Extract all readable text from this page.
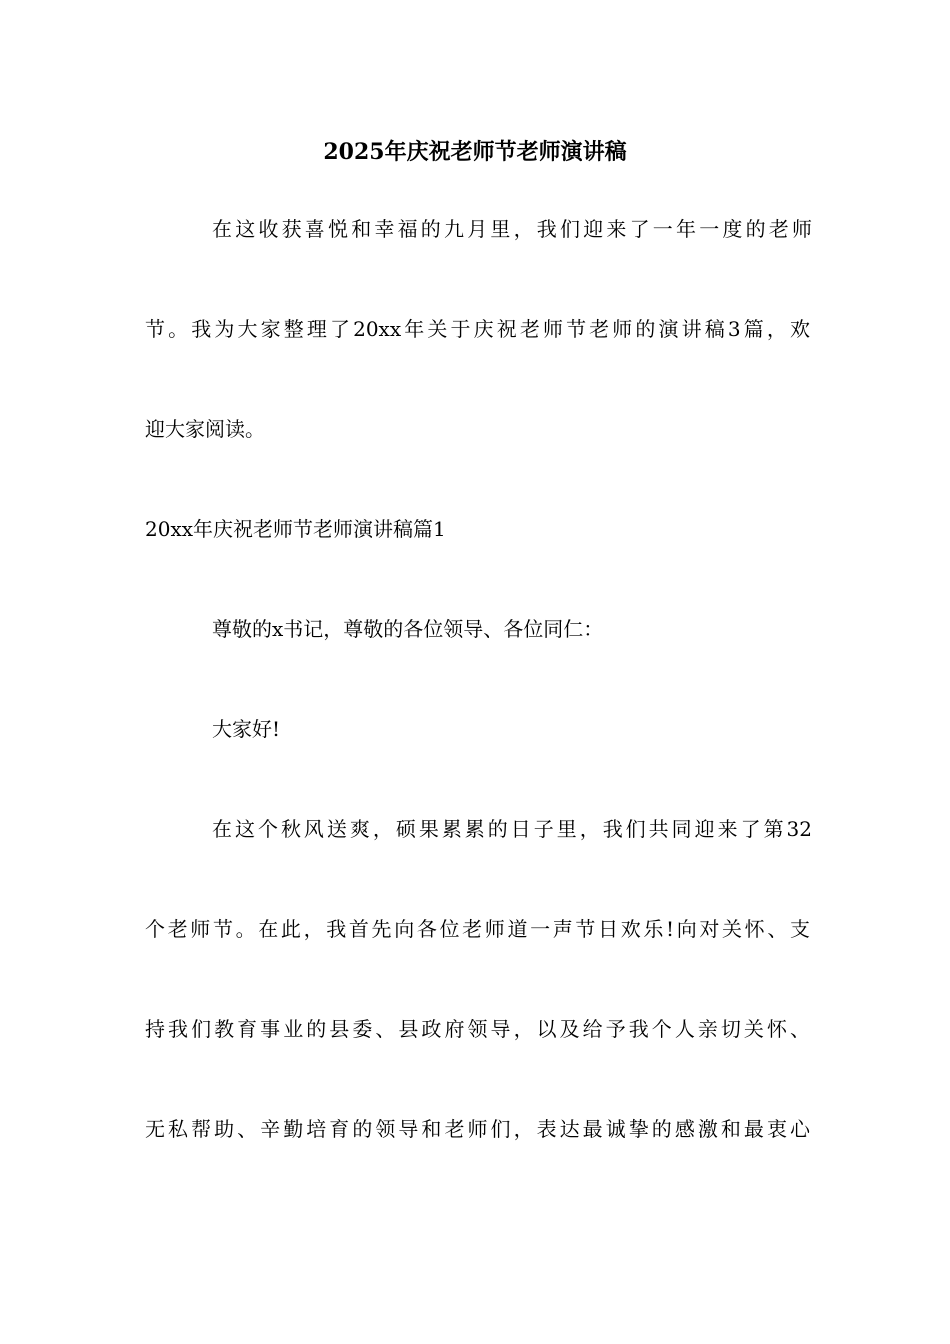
2025年庆祝老师节老师演讲稿
在这收获喜悦和幸福的九月里，我们迎来了一年一度的老师
节。我为大家整理了20xx年关于庆祝老师节老师的演讲稿3篇，欢
迎大家阅读。
20xx年庆祝老师节老师演讲稿篇1
尊敬的x书记，尊敬的各位领导、各位同仁：
大家好!
在这个秋风送爽，硕果累累的日子里，我们共同迎来了第32
个老师节。在此，我首先向各位老师道一声节日欢乐!向对关怀、支
持我们教育事业的县委、县政府领导，以及给予我个人亲切关怀、
无私帮助、辛勤培育的领导和老师们，表达最诚挚的感激和最衷心
